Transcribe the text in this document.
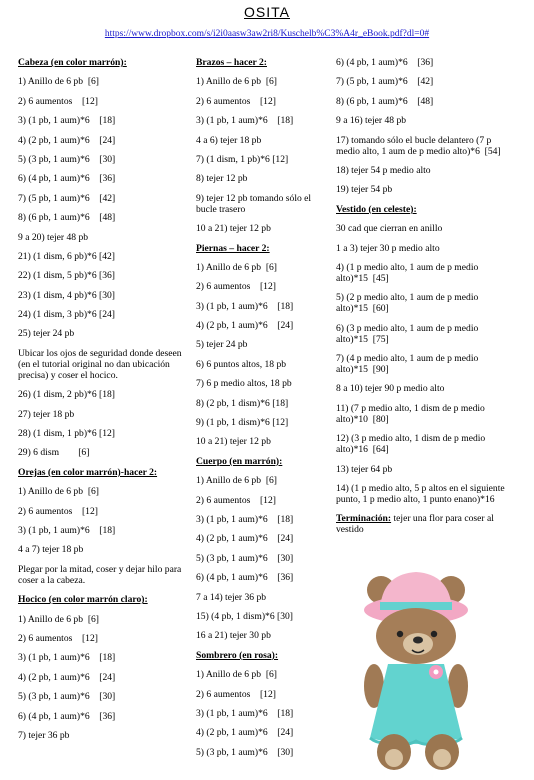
OSITA
https://www.dropbox.com/s/i2i0aasw3aw2ri8/Kuschelb%C3%A4r_eBook.pdf?dl=0#
Cabeza (en color marrón):
1) Anillo de 6 pb  [6]
2) 6 aumentos    [12]
3) (1 pb, 1 aum)*6    [18]
4) (2 pb, 1 aum)*6    [24]
5) (3 pb, 1 aum)*6    [30]
6) (4 pb, 1 aum)*6    [36]
7) (5 pb, 1 aum)*6    [42]
8) (6 pb, 1 aum)*6    [48]
9 a 20) tejer 48 pb
21) (1 dism, 6 pb)*6 [42]
22) (1 dism, 5 pb)*6 [36]
23) (1 dism, 4 pb)*6 [30]
24) (1 dism, 3 pb)*6 [24]
25) tejer 24 pb
Ubicar los ojos de seguridad donde deseen (en el tutorial original no dan ubicación precisa) y coser el hocico.
26) (1 dism, 2 pb)*6 [18]
27) tejer 18 pb
28) (1 dism, 1 pb)*6 [12]
29) 6 dism        [6]
Orejas (en color marrón)-hacer 2:
1) Anillo de 6 pb  [6]
2) 6 aumentos    [12]
3) (1 pb, 1 aum)*6    [18]
4 a 7) tejer 18 pb
Plegar por la mitad, coser y dejar hilo para coser a la cabeza.
Hocico (en color marrón claro):
1) Anillo de 6 pb  [6]
2) 6 aumentos    [12]
3) (1 pb, 1 aum)*6    [18]
4) (2 pb, 1 aum)*6    [24]
5) (3 pb, 1 aum)*6    [30]
6) (4 pb, 1 aum)*6    [36]
7) tejer 36 pb
Brazos – hacer 2:
1) Anillo de 6 pb  [6]
2) 6 aumentos    [12]
3) (1 pb, 1 aum)*6    [18]
4 a 6) tejer 18 pb
7) (1 dism, 1 pb)*6 [12]
8) tejer 12 pb
9) tejer 12 pb tomando sólo el bucle trasero
10 a 21) tejer 12 pb
Piernas – hacer 2:
1) Anillo de 6 pb  [6]
2) 6 aumentos    [12]
3) (1 pb, 1 aum)*6    [18]
4) (2 pb, 1 aum)*6    [24]
5) tejer 24 pb
6) 6 puntos altos, 18 pb
7) 6 p medio altos, 18 pb
8) (2 pb, 1 dism)*6 [18]
9) (1 pb, 1 dism)*6 [12]
10 a 21) tejer 12 pb
Cuerpo (en marrón):
1) Anillo de 6 pb  [6]
2) 6 aumentos    [12]
3) (1 pb, 1 aum)*6    [18]
4) (2 pb, 1 aum)*6    [24]
5) (3 pb, 1 aum)*6    [30]
6) (4 pb, 1 aum)*6    [36]
7 a 14) tejer 36 pb
15) (4 pb, 1 dism)*6 [30]
16 a 21) tejer 30 pb
Sombrero (en rosa):
1) Anillo de 6 pb  [6]
2) 6 aumentos    [12]
3) (1 pb, 1 aum)*6    [18]
4) (2 pb, 1 aum)*6    [24]
5) (3 pb, 1 aum)*6    [30]
6) (4 pb, 1 aum)*6    [36]
7) (5 pb, 1 aum)*6    [42]
8) (6 pb, 1 aum)*6    [48]
9 a 16) tejer 48 pb
17) tomando sólo el bucle delantero (7 p medio alto, 1 aum de p medio alto)*6  [54]
18) tejer 54 p medio alto
19) tejer 54 pb
Vestido (en celeste):
30 cad que cierran en anillo
1 a 3) tejer 30 p medio alto
4) (1 p medio alto, 1 aum de p medio alto)*15  [45]
5) (2 p medio alto, 1 aum de p medio alto)*15  [60]
6) (3 p medio alto, 1 aum de p medio alto)*15  [75]
7) (4 p medio alto, 1 aum de p medio alto)*15  [90]
8 a 10) tejer 90 p medio alto
11) (7 p medio alto, 1 dism de p medio alto)*10  [80]
12) (3 p medio alto, 1 dism de p medio alto)*16  [64]
13) tejer 64 pb
14) (1 p medio alto, 5 p altos en el siguiente punto, 1 p medio alto, 1 punto enano)*16
Terminación: tejer una flor para coser al vestido
